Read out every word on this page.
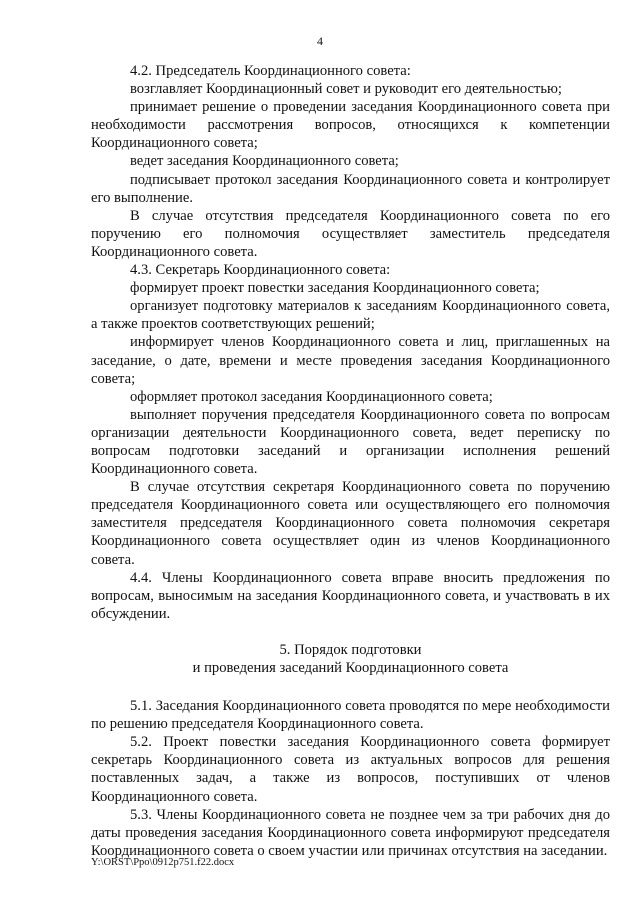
4

4.2. Председатель Координационного совета:

возглавляет Координационный совет и руководит его деятельностью;

принимает решение о проведении заседания Координационного совета при необходимости рассмотрения вопросов, относящихся к компетенции Координационного совета;

ведет заседания Координационного совета;

подписывает протокол заседания Координационного совета и контролирует его выполнение.

В случае отсутствия председателя Координационного совета по его поручению его полномочия осуществляет заместитель председателя Координационного совета.

4.3. Секретарь Координационного совета:

формирует проект повестки заседания Координационного совета;

организует подготовку материалов к заседаниям Координационного совета, а также проектов соответствующих решений;

информирует членов Координационного совета и лиц, приглашенных на заседание, о дате, времени и месте проведения заседания Координационного совета;

оформляет протокол заседания Координационного совета;

выполняет поручения председателя Координационного совета по вопросам организации деятельности Координационного совета, ведет переписку по вопросам подготовки заседаний и организации исполнения решений Координационного совета.

В случае отсутствия секретаря Координационного совета по поручению председателя Координационного совета или осуществляющего его полномочия заместителя председателя Координационного совета полномочия секретаря Координационного совета осуществляет один из членов Координационного совета.

4.4. Члены Координационного совета вправе вносить предложения по вопросам, выносимым на заседания Координационного совета, и участвовать в их обсуждении.

5. Порядок подготовки
и проведения заседаний Координационного совета

5.1. Заседания Координационного совета проводятся по мере необходимости по решению председателя Координационного совета.

5.2. Проект повестки заседания Координационного совета формирует секретарь Координационного совета из актуальных вопросов для решения поставленных задач, а также из вопросов, поступивших от членов Координационного совета.

5.3. Члены Координационного совета не позднее чем за три рабочих дня до даты проведения заседания Координационного совета информируют председателя Координационного совета о своем участии или причинах отсутствия на заседании.

Y:\ORST\Ppo\0912p751.f22.docx
